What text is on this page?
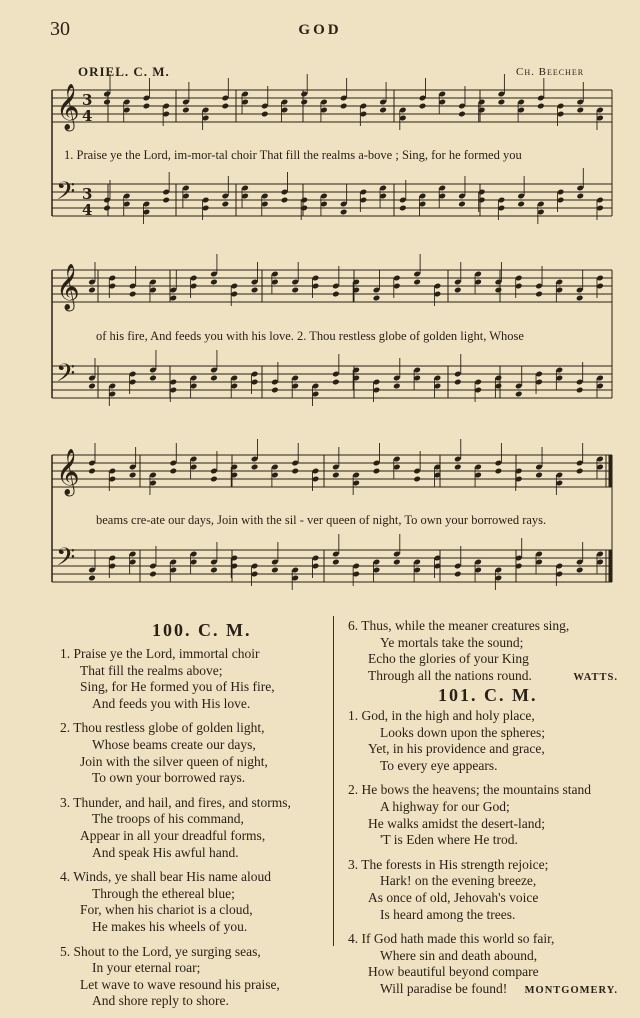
30	GOD
ORIEL. C. M.	Ch. Beecher
𝄞 3
4
𝄢 3
4
𝄞
𝄢
𝄞
𝄢
1. Praise ye the Lord, im-mor-tal choir That fill the realms a-bove ; Sing, for he formed you
of his fire, And feeds you with his love. 2. Thou restless globe of golden light, Whose
beams cre-ate our days, Join with the sil - ver queen of night, To own your borrowed rays.
100. C. M.
1. Praise ye the Lord, immortal choir
That fill the realms above;
Sing, for He formed you of His fire,
And feeds you with His love.
2. Thou restless globe of golden light,
Whose beams create our days,
Join with the silver queen of night,
To own your borrowed rays.
3. Thunder, and hail, and fires, and storms,
The troops of his command,
Appear in all your dreadful forms,
And speak His awful hand.
4. Winds, ye shall bear His name aloud
Through the ethereal blue;
For, when his chariot is a cloud,
He makes his wheels of you.
5. Shout to the Lord, ye surging seas,
In your eternal roar;
Let wave to wave resound his praise,
And shore reply to shore.
6. Thus, while the meaner creatures sing,
Ye mortals take the sound;
Echo the glories of your King
Through all the nations round.	WATTS.
101. C. M.
1. God, in the high and holy place,
Looks down upon the spheres;
Yet, in his providence and grace,
To every eye appears.
2. He bows the heavens; the mountains stand
A highway for our God;
He walks amidst the desert-land;
'T is Eden where He trod.
3. The forests in His strength rejoice;
Hark! on the evening breeze,
As once of old, Jehovah's voice
Is heard among the trees.
4. If God hath made this world so fair,
Where sin and death abound,
How beautiful beyond compare
Will paradise be found! MONTGOMERY.
